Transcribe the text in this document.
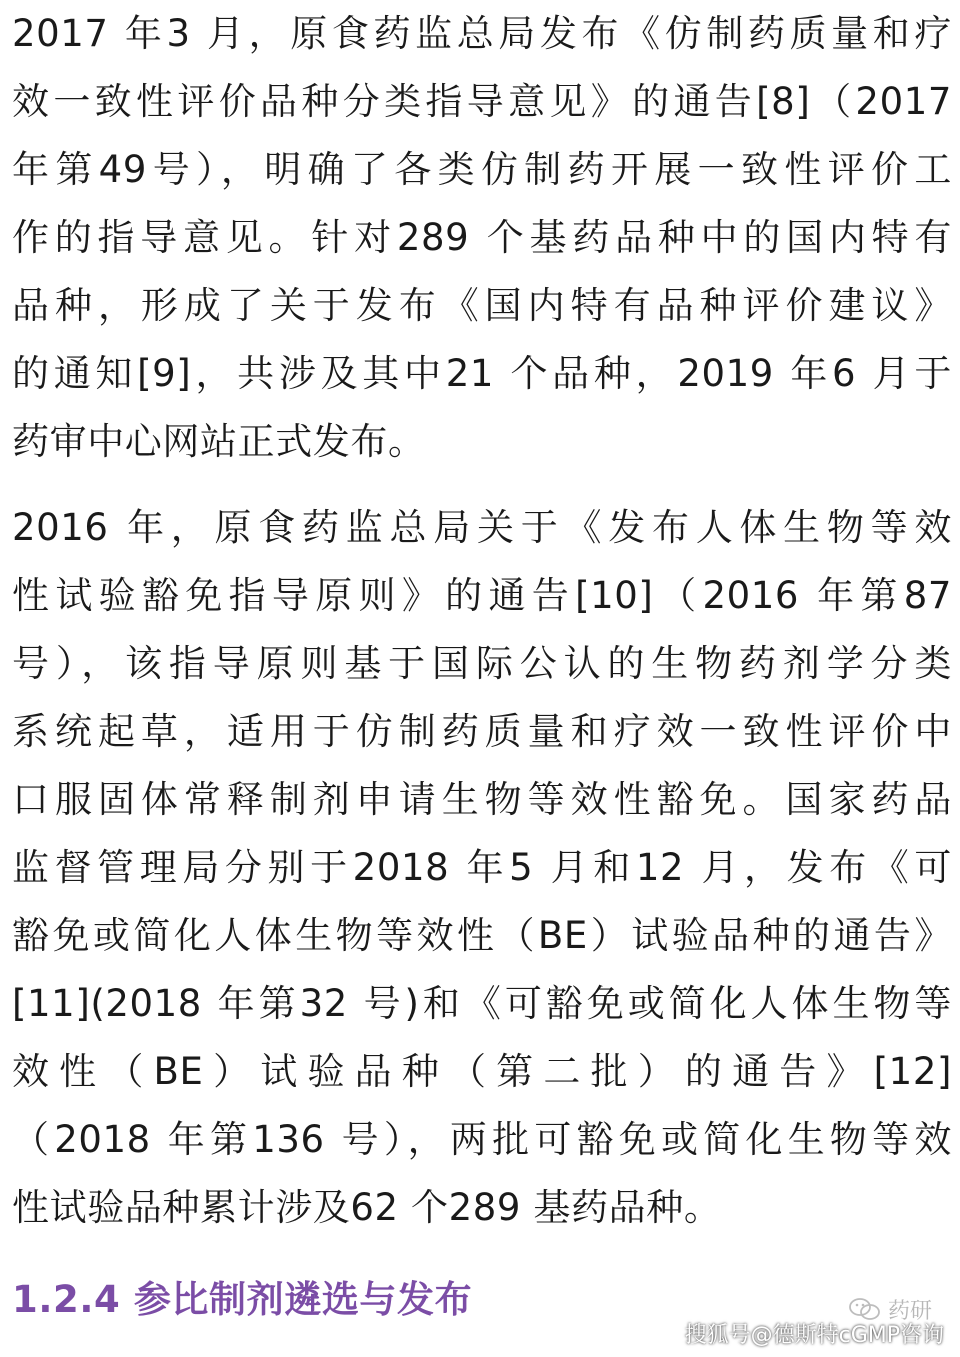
2017 年3 月，原食药监总局发布《仿制药质量和疗
效一致性评价品种分类指导意见》的通告[8]（2017
年第49号），明确了各类仿制药开展一致性评价工
作的指导意见。针对289 个基药品种中的国内特有
品种，形成了关于发布《国内特有品种评价建议》
的通知[9]，共涉及其中21 个品种，2019 年6 月于
药审中心网站正式发布。
2016 年，原食药监总局关于《发布人体生物等效
性试验豁免指导原则》的通告[10]（2016 年第87
号），该指导原则基于国际公认的生物药剂学分类
系统起草，适用于仿制药质量和疗效一致性评价中
口服固体常释制剂申请生物等效性豁免。国家药品
监督管理局分别于2018 年5 月和12 月，发布《可
豁免或简化人体生物等效性（BE）试验品种的通告》
[11](2018 年第32 号)和《可豁免或简化人体生物等
效性（BE）试验品种（第二批）的通告》[12]
（2018 年第136 号），两批可豁免或简化生物等效
性试验品种累计涉及62 个289 基药品种。
1.2.4 参比制剂遴选与发布	药研
搜狐号@德斯特cGMP咨询
